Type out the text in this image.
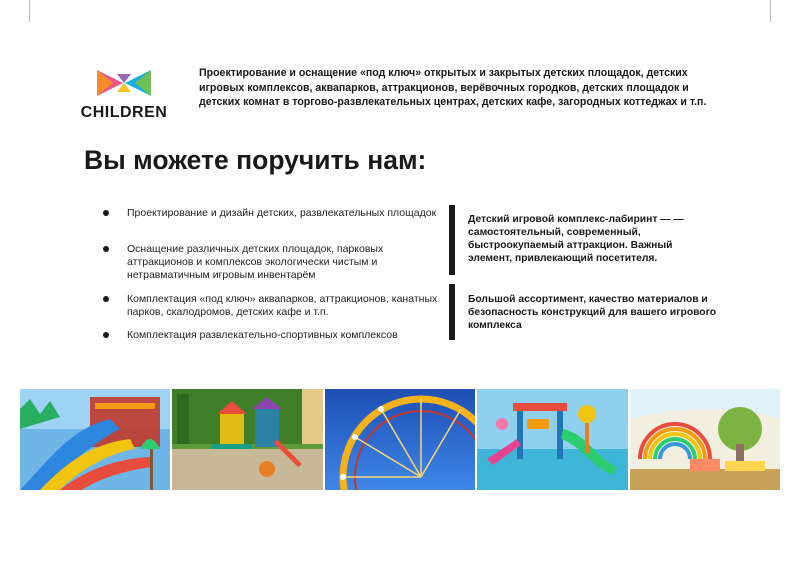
CHILDREN
Проектирование и оснащение «под ключ» открытых и закрытых детских площадок, детских игровых комплексов, аквапарков, аттракционов, верёвочных городков, детских площадок и детских комнат в торгово-развлекательных центрах, детских кафе, загородных коттеджах и т.п.
Вы можете поручить нам:
Проектирование и дизайн детских, развлекательных площадок
Оснащение различных детских площадок, парковых аттракционов и комплексов экологически чистым и нетравматичным игровым инвентарём
Комплектация «под ключ» аквапарков, аттракционов, канатных парков, скалодромов, детских кафе и т.п.
Комплектация развлекательно-спортивных комплексов
Детский игровой комплекс-лабиринт — — самостоятельный, современный, быстроокупаемый аттракцион. Важный элемент, привлекающий посетителя.
Большой ассортимент, качество материалов и безопасность конструкций для вашего игрового комплекса
